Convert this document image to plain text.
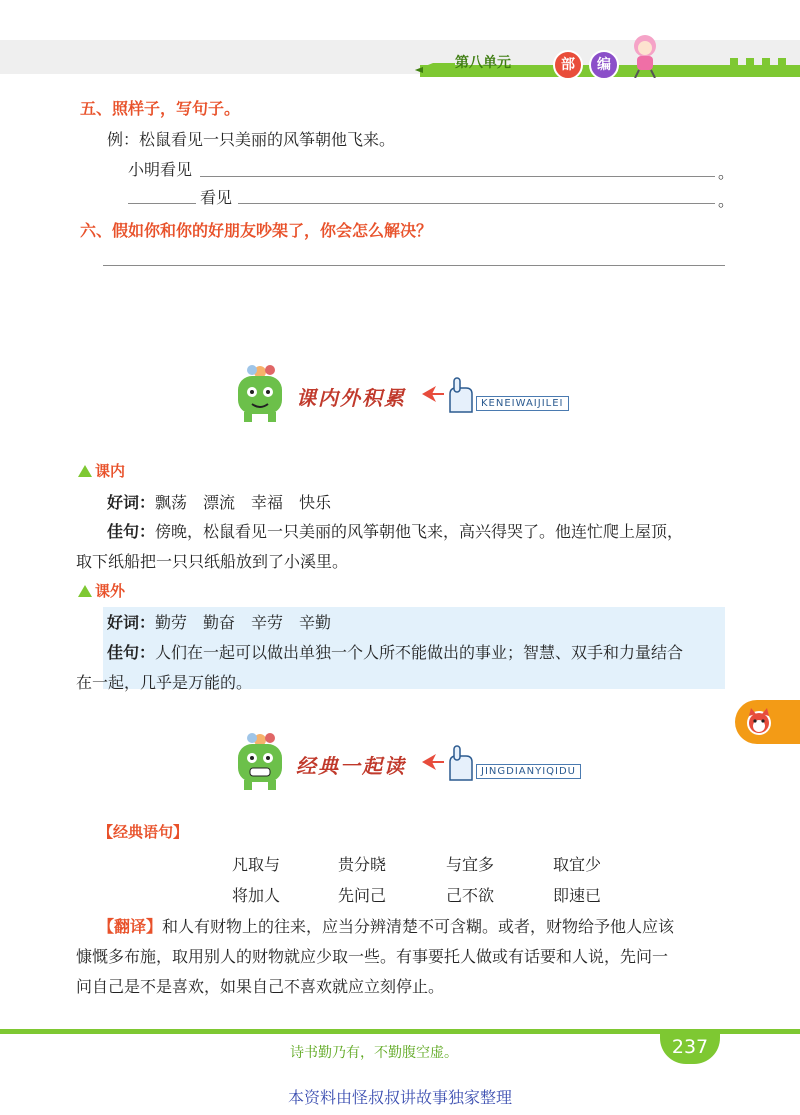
第八单元	部	编
五、照样子，写句子。
例：松鼠看见一只美丽的风筝朝他飞来。
小明看见	。
看见	。
六、假如你和你的好朋友吵架了，你会怎么解决？
课内外积累	KENEIWAIJILEI
课内
好词：飘荡　漂流　幸福　快乐
佳句：傍晚，松鼠看见一只美丽的风筝朝他飞来，高兴得哭了。他连忙爬上屋顶，
取下纸船把一只只纸船放到了小溪里。
课外
好词：勤劳　勤奋　辛劳　辛勤
佳句：人们在一起可以做出单独一个人所不能做出的事业；智慧、双手和力量结合
在一起，几乎是万能的。
经典一起读	JINGDIANYIQIDU
【经典语句】
凡取与	贵分晓	与宜多	取宜少
将加人	先问己	己不欲	即速已
【翻译】和人有财物上的往来，应当分辨清楚不可含糊。或者，财物给予他人应该
慷慨多布施，取用别人的财物就应少取一些。有事要托人做或有话要和人说，先问一
问自己是不是喜欢，如果自己不喜欢就应立刻停止。
诗书勤乃有，不勤腹空虚。	237
本资料由怪叔叔讲故事独家整理
